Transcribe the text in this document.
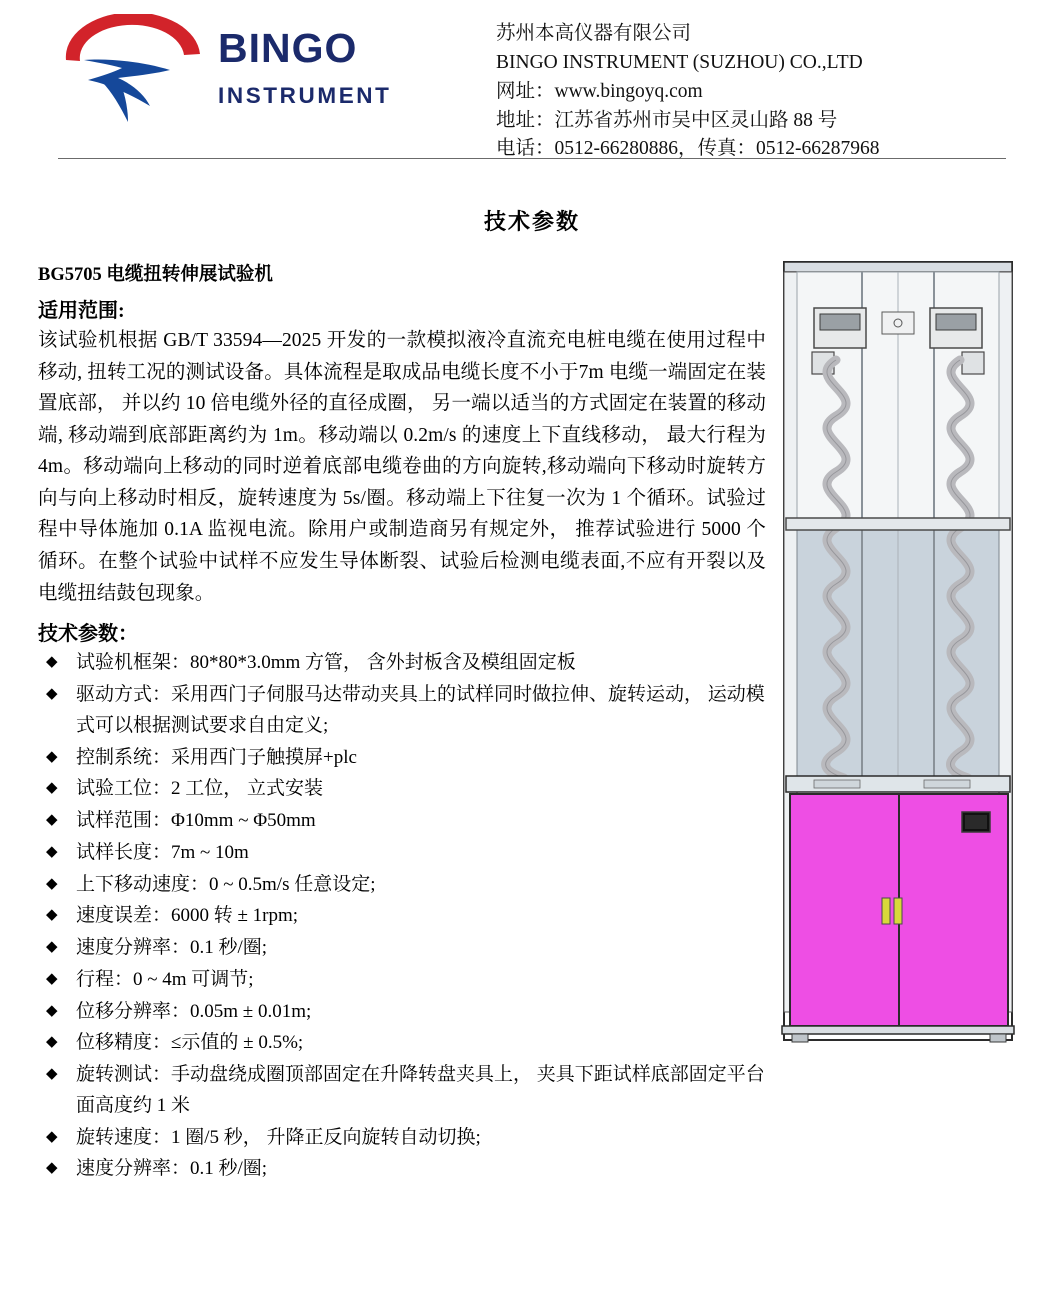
BINGO
INSTRUMENT
苏州本高仪器有限公司
BINGO INSTRUMENT (SUZHOU) CO.,LTD
网址：www.bingoyq.com
地址：江苏省苏州市吴中区灵山路 88 号
电话：0512-66280886，传真：0512-66287968
技术参数
BG5705 电缆扭转伸展试验机
适用范围:
该试验机根据 GB/T 33594—2025 开发的一款模拟液冷直流充电桩电缆在使用过程中移动, 扭转工况的测试设备。具体流程是取成品电缆长度不小于7m 电缆一端固定在装置底部， 并以约 10 倍电缆外径的直径成圈， 另一端以适当的方式固定在装置的移动端, 移动端到底部距离约为 1m。移动端以 0.2m/s 的速度上下直线移动， 最大行程为 4m。移动端向上移动的同时逆着底部电缆卷曲的方向旋转,移动端向下移动时旋转方向与向上移动时相反，旋转速度为 5s/圈。移动端上下往复一次为 1 个循环。试验过程中导体施加 0.1A 监视电流。除用户或制造商另有规定外， 推荐试验进行 5000 个循环。在整个试验中试样不应发生导体断裂、试验后检测电缆表面,不应有开裂以及电缆扭结鼓包现象。
技术参数：
◆ 试验机框架：80*80*3.0mm 方管， 含外封板含及模组固定板
◆ 驱动方式：采用西门子伺服马达带动夹具上的试样同时做拉伸、旋转运动， 运动模式可以根据测试要求自由定义;
◆ 控制系统：采用西门子触摸屏+plc
◆ 试验工位：2 工位， 立式安装
◆ 试样范围：Φ10mm ~ Φ50mm
◆ 试样长度：7m ~ 10m
◆ 上下移动速度：0 ~ 0.5m/s 任意设定;
◆ 速度误差：6000 转 ± 1rpm;
◆ 速度分辨率：0.1 秒/圈;
◆ 行程：0 ~ 4m 可调节;
◆ 位移分辨率：0.05m ± 0.01m;
◆ 位移精度：≤示值的 ± 0.5%;
◆ 旋转测试：手动盘绕成圈顶部固定在升降转盘夹具上， 夹具下距试样底部固定平台面高度约 1 米
◆ 旋转速度：1 圈/5 秒， 升降正反向旋转自动切换;
◆ 速度分辨率：0.1 秒/圈;
